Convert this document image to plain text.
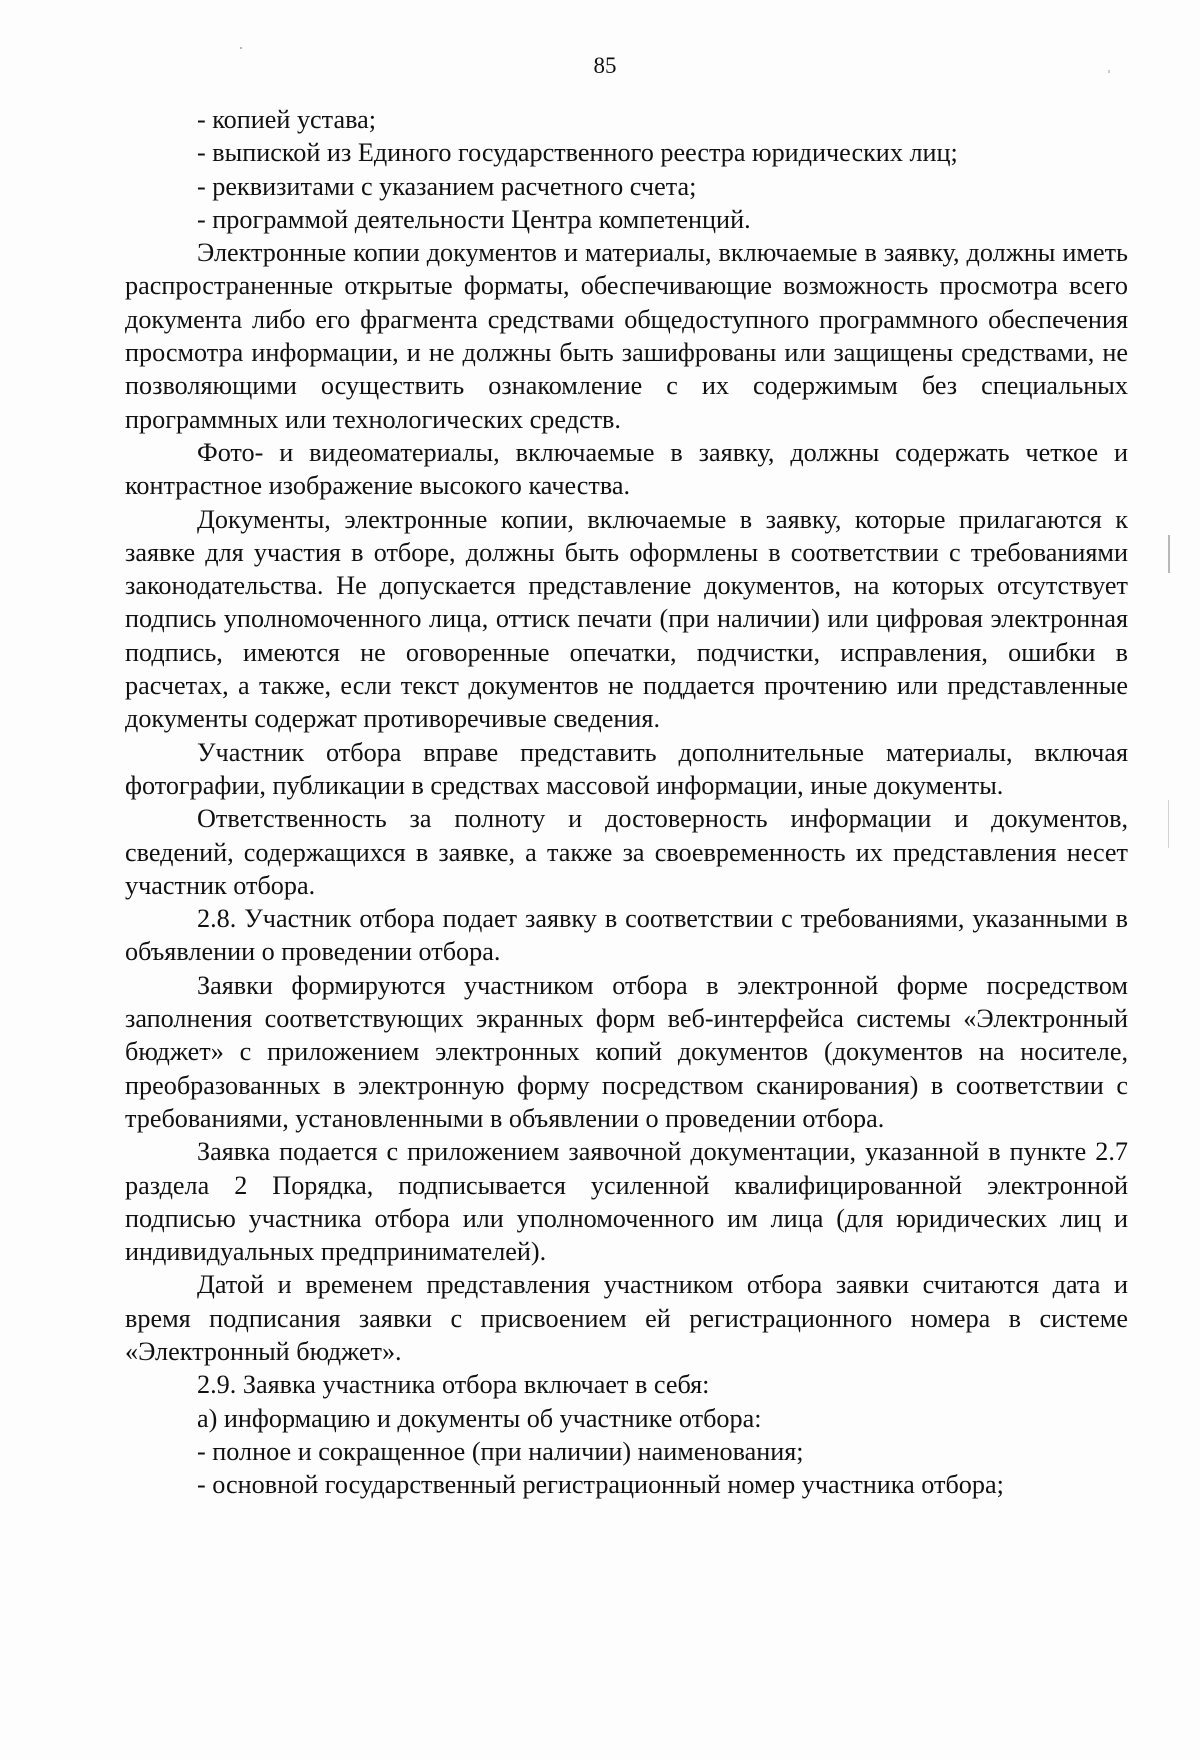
85

- копией устава;

- выпиской из Единого государственного реестра юридических лиц;

- реквизитами с указанием расчетного счета;

- программой деятельности Центра компетенций.

Электронные копии документов и материалы, включаемые в заявку, должны иметь распространенные открытые форматы, обеспечивающие возможность просмотра всего документа либо его фрагмента средствами общедоступного программного обеспечения просмотра информации, и не должны быть зашифрованы или защищены средствами, не позволяющими осуществить ознакомление с их содержимым без специальных программных или технологических средств.

Фото- и видеоматериалы, включаемые в заявку, должны содержать четкое и контрастное изображение высокого качества.

Документы, электронные копии, включаемые в заявку, которые прилагаются к заявке для участия в отборе, должны быть оформлены в соответствии с требованиями законодательства. Не допускается представление документов, на которых отсутствует подпись уполномоченного лица, оттиск печати (при наличии) или цифровая электронная подпись, имеются не оговоренные опечатки, подчистки, исправления, ошибки в расчетах, а также, если текст документов не поддается прочтению или представленные документы содержат противоречивые сведения.

Участник отбора вправе представить дополнительные материалы, включая фотографии, публикации в средствах массовой информации, иные документы.

Ответственность за полноту и достоверность информации и документов, сведений, содержащихся в заявке, а также за своевременность их представления несет участник отбора.

2.8. Участник отбора подает заявку в соответствии с требованиями, указанными в объявлении о проведении отбора.

Заявки формируются участником отбора в электронной форме посредством заполнения соответствующих экранных форм веб-интерфейса системы «Электронный бюджет» с приложением электронных копий документов (документов на носителе, преобразованных в электронную форму посредством сканирования) в соответствии с требованиями, установленными в объявлении о проведении отбора.

Заявка подается с приложением заявочной документации, указанной в пункте 2.7 раздела 2 Порядка, подписывается усиленной квалифицированной электронной подписью участника отбора или уполномоченного им лица (для юридических лиц и индивидуальных предпринимателей).

Датой и временем представления участником отбора заявки считаются дата и время подписания заявки с присвоением ей регистрационного номера в системе «Электронный бюджет».

2.9. Заявка участника отбора включает в себя:

а) информацию и документы об участнике отбора:

- полное и сокращенное (при наличии) наименования;

- основной государственный регистрационный номер участника отбора;
